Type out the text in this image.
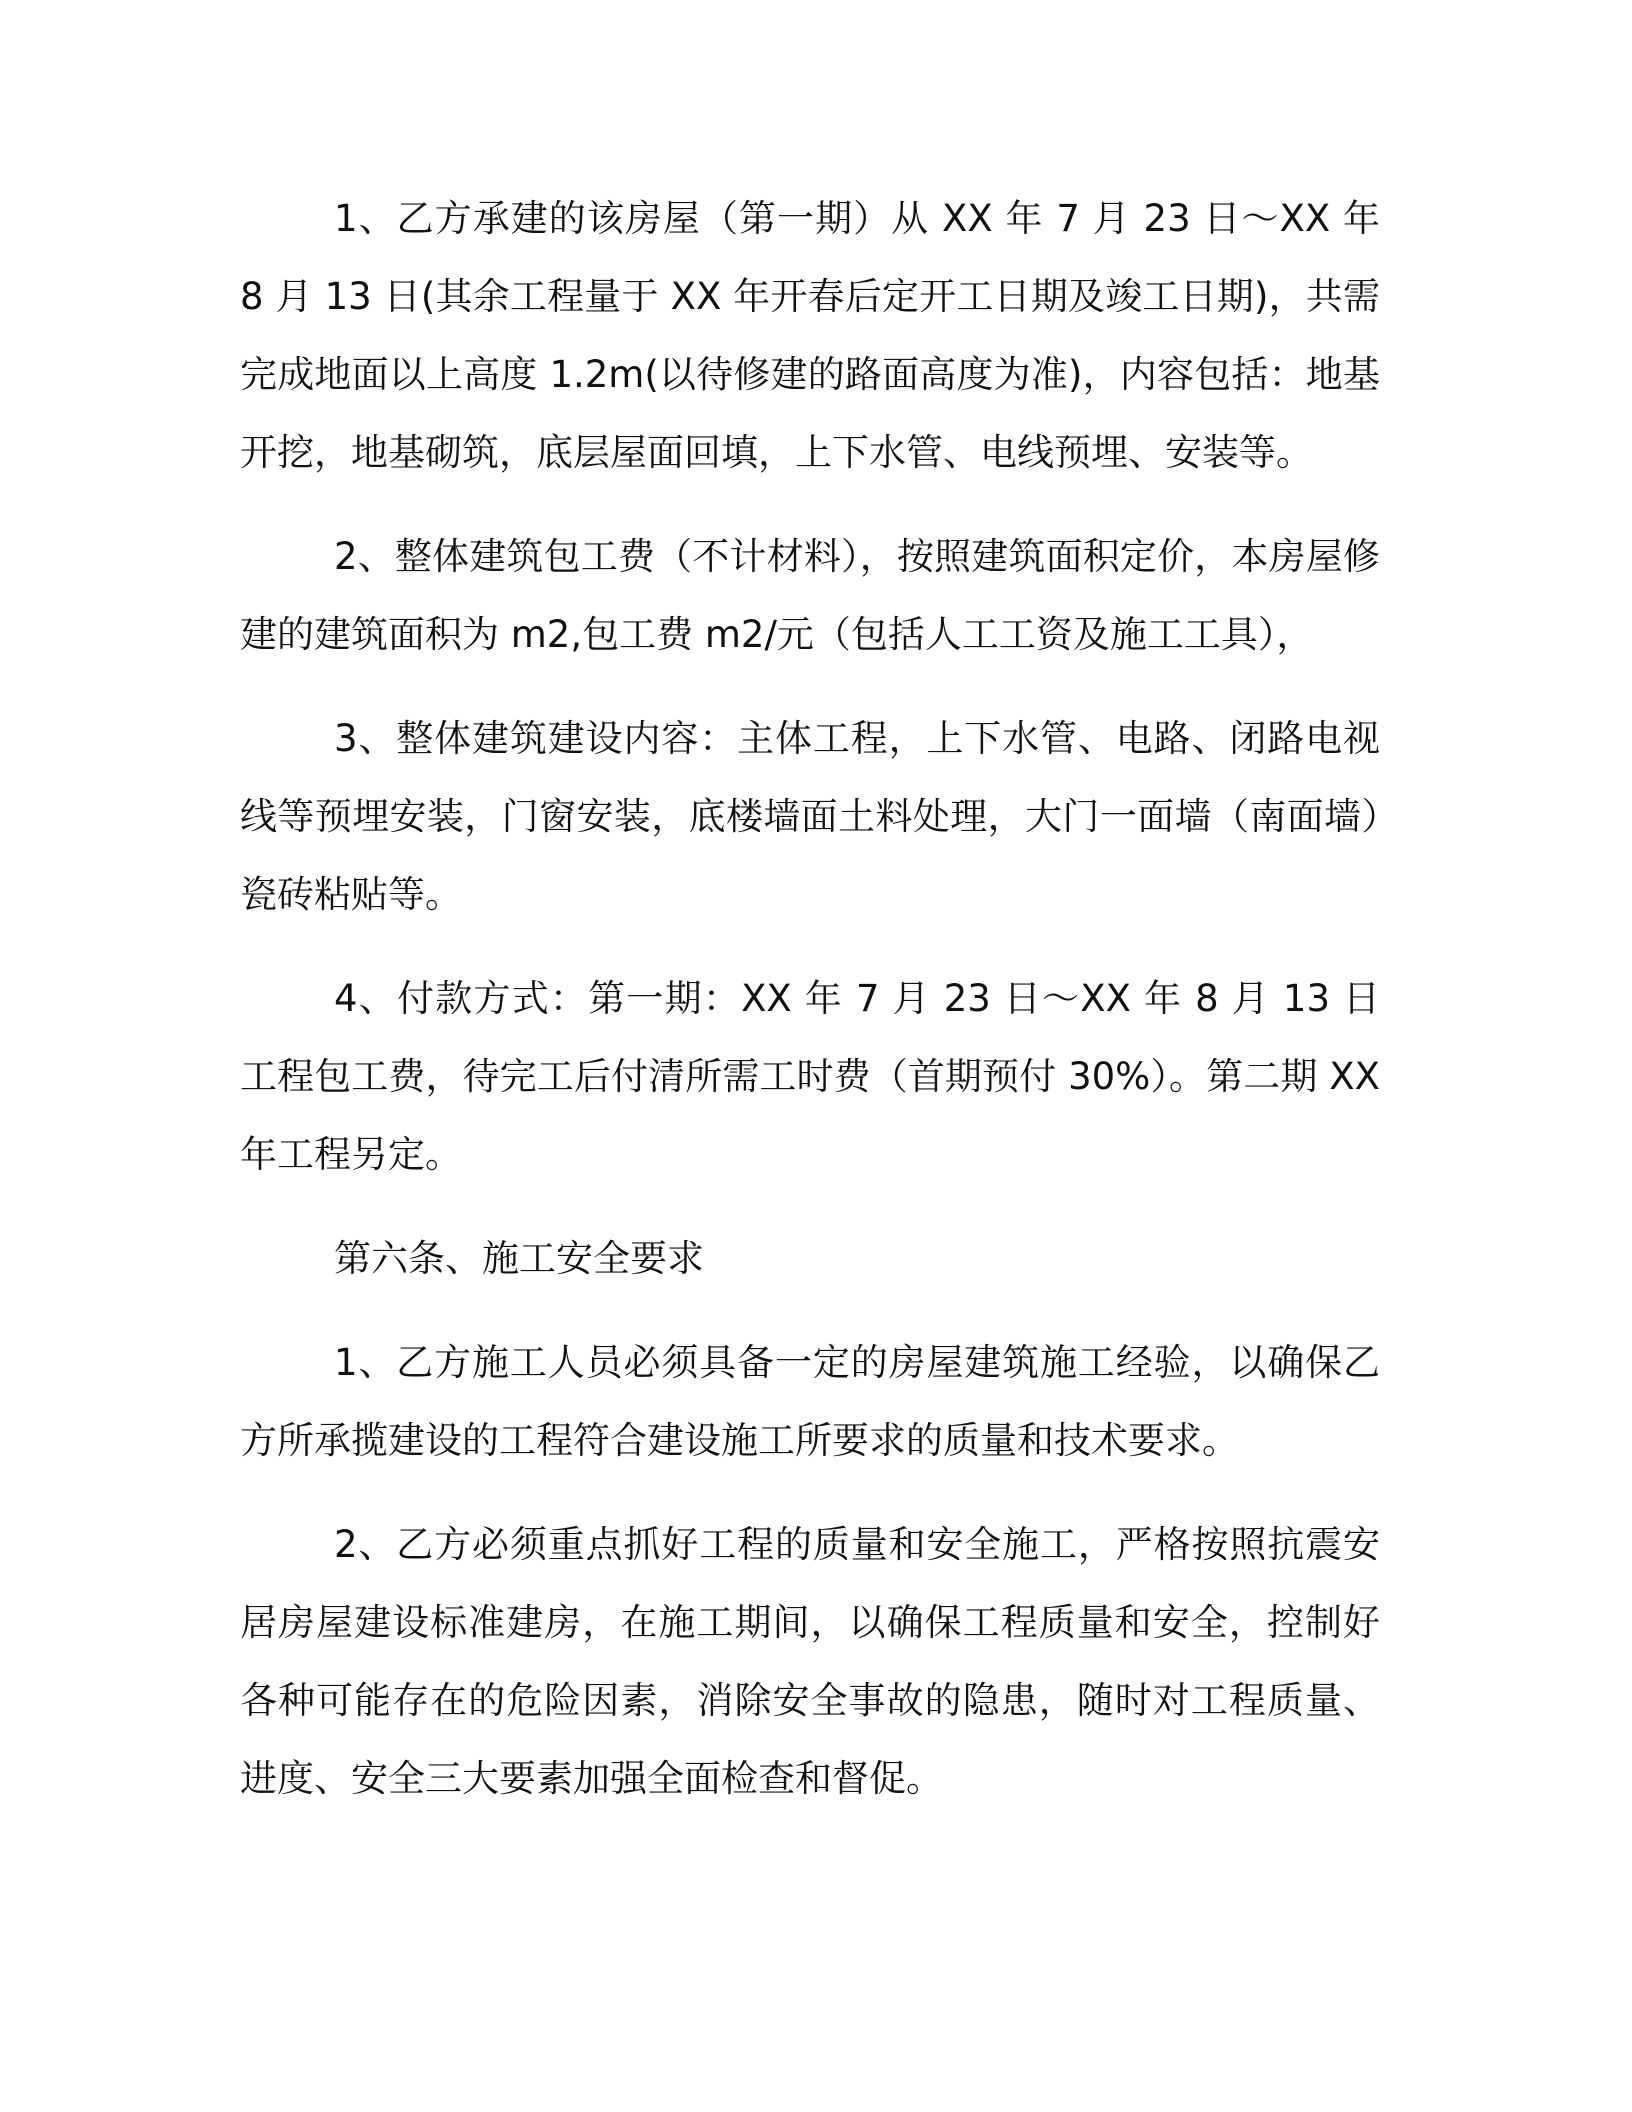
1、乙方承建的该房屋（第一期）从 XX 年 7 月 23 日～XX 年 8 月 13 日(其余工程量于 XX 年开春后定开工日期及竣工日期)，共需完成地面以上高度 1.2m(以待修建的路面高度为准)，内容包括：地基开挖，地基砌筑，底层屋面回填，上下水管、电线预埋、安装等。

2、整体建筑包工费（不计材料），按照建筑面积定价，本房屋修建的建筑面积为 m2,包工费 m2/元（包括人工工资及施工工具），

3、整体建筑建设内容：主体工程，上下水管、电路、闭路电视线等预埋安装，门窗安装，底楼墙面土料处理，大门一面墙（南面墙）瓷砖粘贴等。

4、付款方式：第一期：XX 年 7 月 23 日～XX 年 8 月 13 日工程包工费，待完工后付清所需工时费（首期预付 30%）。第二期 XX 年工程另定。

第六条、施工安全要求

1、乙方施工人员必须具备一定的房屋建筑施工经验，以确保乙方所承揽建设的工程符合建设施工所要求的质量和技术要求。

2、乙方必须重点抓好工程的质量和安全施工，严格按照抗震安居房屋建设标准建房，在施工期间，以确保工程质量和安全，控制好各种可能存在的危险因素，消除安全事故的隐患，随时对工程质量、进度、安全三大要素加强全面检查和督促。
